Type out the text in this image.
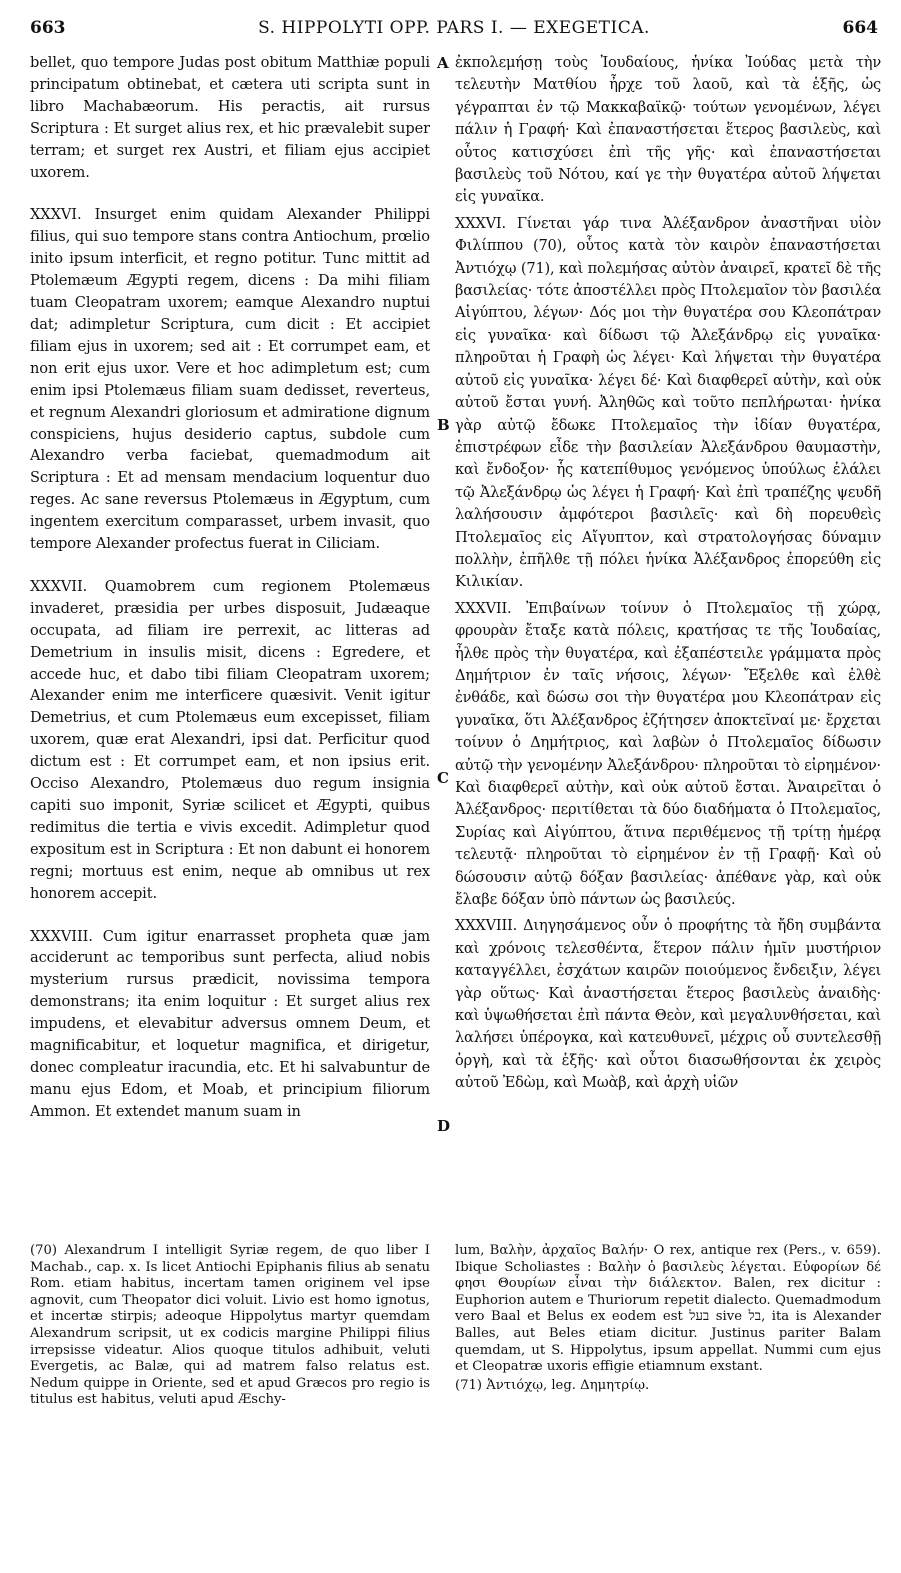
663	S. HIPPOLYTI OPP. PARS I. — EXEGETICA.	664

bellet, quo tempore Judas post obitum Matthiæ populi principatum obtinebat, et cætera uti scripta sunt in libro Machabæorum. His peractis, ait rursus Scriptura : Et surget alius rex, et hic prævalebit super terram; et surget rex Austri, et filiam ejus accipiet uxorem.

XXXVI. Insurget enim quidam Alexander Philippi filius, qui suo tempore stans contra Antiochum, prœlio inito ipsum interficit, et regno potitur. Tunc mittit ad Ptolemæum Ægypti regem, dicens : Da mihi filiam tuam Cleopatram uxorem; eamque Alexandro nuptui dat; adimpletur Scriptura, cum dicit : Et accipiet filiam ejus in uxorem; sed ait : Et corrumpet eam, et non erit ejus uxor. Vere et hoc adimpletum est; cum enim ipsi Ptolemæus filiam suam dedisset, reverteus, et regnum Alexandri gloriosum et admiratione dignum conspiciens, hujus desiderio captus, subdole cum Alexandro verba faciebat, quemadmodum ait Scriptura : Et ad mensam mendacium loquentur duo reges. Ac sane reversus Ptolemæus in Ægyptum, cum ingentem exercitum comparasset, urbem invasit, quo tempore Alexander profectus fuerat in Ciliciam.

XXXVII. Quamobrem cum regionem Ptolemæus invaderet, præsidia per urbes disposuit, Judæaque occupata, ad filiam ire perrexit, ac litteras ad Demetrium in insulis misit, dicens : Egredere, et accede huc, et dabo tibi filiam Cleopatram uxorem; Alexander enim me interficere quæsivit. Venit igitur Demetrius, et cum Ptolemæus eum excepisset, filiam uxorem, quæ erat Alexandri, ipsi dat. Perficitur quod dictum est : Et corrumpet eam, et non ipsius erit. Occiso Alexandro, Ptolemæus duo regum insignia capiti suo imponit, Syriæ scilicet et Ægypti, quibus redimitus die tertia e vivis excedit. Adimpletur quod expositum est in Scriptura : Et non dabunt ei honorem regni; mortuus est enim, neque ab omnibus ut rex honorem accepit.

XXXVIII. Cum igitur enarrasset propheta quæ jam acciderunt ac temporibus sunt perfecta, aliud nobis mysterium rursus prædicit, novissima tempora demonstrans; ita enim loquitur : Et surget alius rex impudens, et elevabitur adversus omnem Deum, et magnificabitur, et loquetur magnifica, et dirigetur, donec compleatur iracundia, etc. Et hi salvabuntur de manu ejus Edom, et Moab, et principium filiorum Ammon. Et extendet manum suam in

A
B
C
D

ἐκπολεμήσῃ τοὺς Ἰουδαίους, ἡνίκα Ἰούδας μετὰ τὴν τελευτὴν Ματθίου ἦρχε τοῦ λαοῦ, καὶ τὰ ἑξῆς, ὡς γέγραπται ἐν τῷ Μακκαβαϊκῷ· τούτων γενομένων, λέγει πάλιν ἡ Γραφή· Καὶ ἐπαναστήσεται ἕτερος βασιλεὺς, καὶ οὗτος κατισχύσει ἐπὶ τῆς γῆς· καὶ ἐπαναστήσεται βασιλεὺς τοῦ Νότου, καί γε τὴν θυγατέρα αὐτοῦ λήψεται εἰς γυναῖκα.

XXXVI. Γίνεται γάρ τινα Ἀλέξανδρον ἀναστῆναι υἱὸν Φιλίππου (70), οὗτος κατὰ τὸν καιρὸν ἐπαναστήσεται Ἀντιόχῳ (71), καὶ πολεμήσας αὐτὸν ἀναιρεῖ, κρατεῖ δὲ τῆς βασιλείας· τότε ἀποστέλλει πρὸς Πτολεμαῖον τὸν βασιλέα Αἰγύπτου, λέγων· Δός μοι τὴν θυγατέρα σου Κλεοπάτραν εἰς γυναῖκα· καὶ δίδωσι τῷ Ἀλεξάνδρῳ εἰς γυναῖκα· πληροῦται ἡ Γραφὴ ὡς λέγει· Καὶ λήψεται τὴν θυγατέρα αὐτοῦ εἰς γυναῖκα· λέγει δέ· Καὶ διαφθερεῖ αὐτὴν, καὶ οὐκ αὐτοῦ ἔσται γυνή. Ἀληθῶς καὶ τοῦτο πεπλήρωται· ἡνίκα γὰρ αὐτῷ ἔδωκε Πτολεμαῖος τὴν ἰδίαν θυγατέρα, ἐπιστρέφων εἶδε τὴν βασιλείαν Ἀλεξάνδρου θαυμαστὴν, καὶ ἔνδοξον· ἧς κατεπίθυμος γενόμενος ὑπούλως ἐλάλει τῷ Ἀλεξάνδρῳ ὡς λέγει ἡ Γραφή· Καὶ ἐπὶ τραπέζης ψευδῆ λαλήσουσιν ἀμφότεροι βασιλεῖς· καὶ δὴ πορευθεὶς Πτολεμαῖος εἰς Αἴγυπτον, καὶ στρατολογήσας δύναμιν πολλὴν, ἐπῆλθε τῇ πόλει ἡνίκα Ἀλέξανδρος ἐπορεύθη εἰς Κιλικίαν.

XXXVII. Ἐπιβαίνων τοίνυν ὁ Πτολεμαῖος τῇ χώρᾳ, φρουρὰν ἔταξε κατὰ πόλεις, κρατήσας τε τῆς Ἰουδαίας, ἦλθε πρὸς τὴν θυγατέρα, καὶ ἐξαπέστειλε γράμματα πρὸς Δημήτριον ἐν ταῖς νήσοις, λέγων· Ἔξελθε καὶ ἐλθὲ ἐνθάδε, καὶ δώσω σοι τὴν θυγατέρα μου Κλεοπάτραν εἰς γυναῖκα, ὅτι Ἀλέξανδρος ἐζήτησεν ἀποκτεῖναί με· ἔρχεται τοίνυν ὁ Δημήτριος, καὶ λαβὼν ὁ Πτολεμαῖος δίδωσιν αὐτῷ τὴν γενομένην Ἀλεξάνδρου· πληροῦται τὸ εἰρημένον· Καὶ διαφθερεῖ αὐτὴν, καὶ οὐκ αὐτοῦ ἔσται. Ἀναιρεῖται ὁ Ἀλέξανδρος· περιτίθεται τὰ δύο διαδήματα ὁ Πτολεμαῖος, Συρίας καὶ Αἰγύπτου, ἅτινα περιθέμενος τῇ τρίτῃ ἡμέρᾳ τελευτᾷ· πληροῦται τὸ εἰρημένον ἐν τῇ Γραφῇ· Καὶ οὐ δώσουσιν αὐτῷ δόξαν βασιλείας· ἀπέθανε γὰρ, καὶ οὐκ ἔλαβε δόξαν ὑπὸ πάντων ὡς βασιλεύς.

XXXVIII. Διηγησάμενος οὖν ὁ προφήτης τὰ ἤδη συμβάντα καὶ χρόνοις τελεσθέντα, ἕτερον πάλιν ἡμῖν μυστήριον καταγγέλλει, ἐσχάτων καιρῶν ποιούμενος ἔνδειξιν, λέγει γὰρ οὕτως· Καὶ ἀναστήσεται ἕτερος βασιλεὺς ἀναιδὴς· καὶ ὑψωθήσεται ἐπὶ πάντα Θεὸν, καὶ μεγαλυνθήσεται, καὶ λαλήσει ὑπέρογκα, καὶ κατευθυνεῖ, μέχρις οὗ συντελεσθῇ ὀργὴ, καὶ τὰ ἑξῆς· καὶ οὗτοι διασωθήσονται ἐκ χειρὸς αὐτοῦ Ἐδὼμ, καὶ Μωὰβ, καὶ ἀρχὴ υἱῶν

(70) Alexandrum I intelligit Syriæ regem, de quo liber I Machab., cap. x. Is licet Antiochi Epiphanis filius ab senatu Rom. etiam habitus, incertam tamen originem vel ipse agnovit, cum Theopator dici voluit. Livio est homo ignotus, et incertæ stirpis; adeoque Hippolytus martyr quemdam Alexandrum scripsit, ut ex codicis margine Philippi filius irrepsisse videatur. Alios quoque titulos adhibuit, veluti Evergetis, ac Balæ, qui ad matrem falso relatus est. Nedum quippe in Oriente, sed et apud Græcos pro regio is titulus est habitus, veluti apud Æschy-

lum, Βαλὴν, ἀρχαῖος Βαλήν· Ο rex, antique rex (Pers., v. 659). Ibique Scholiastes : Βαλὴν ὁ βασιλεὺς λέγεται. Εὐφορίων δέ φησι Θουρίων εἶναι τὴν διάλεκτον. Balen, rex dicitur : Euphorion autem e Thuriorum repetit dialecto. Quemadmodum vero Baal et Belus ex eodem est בעל sive בל, ita is Alexander Balles, aut Beles etiam dicitur. Justinus pariter Balam quemdam, ut S. Hippolytus, ipsum appellat. Nummi cum ejus et Cleopatræ uxoris effigie etiamnum exstant.

(71) Ἀντιόχῳ, leg. Δημητρίῳ.
